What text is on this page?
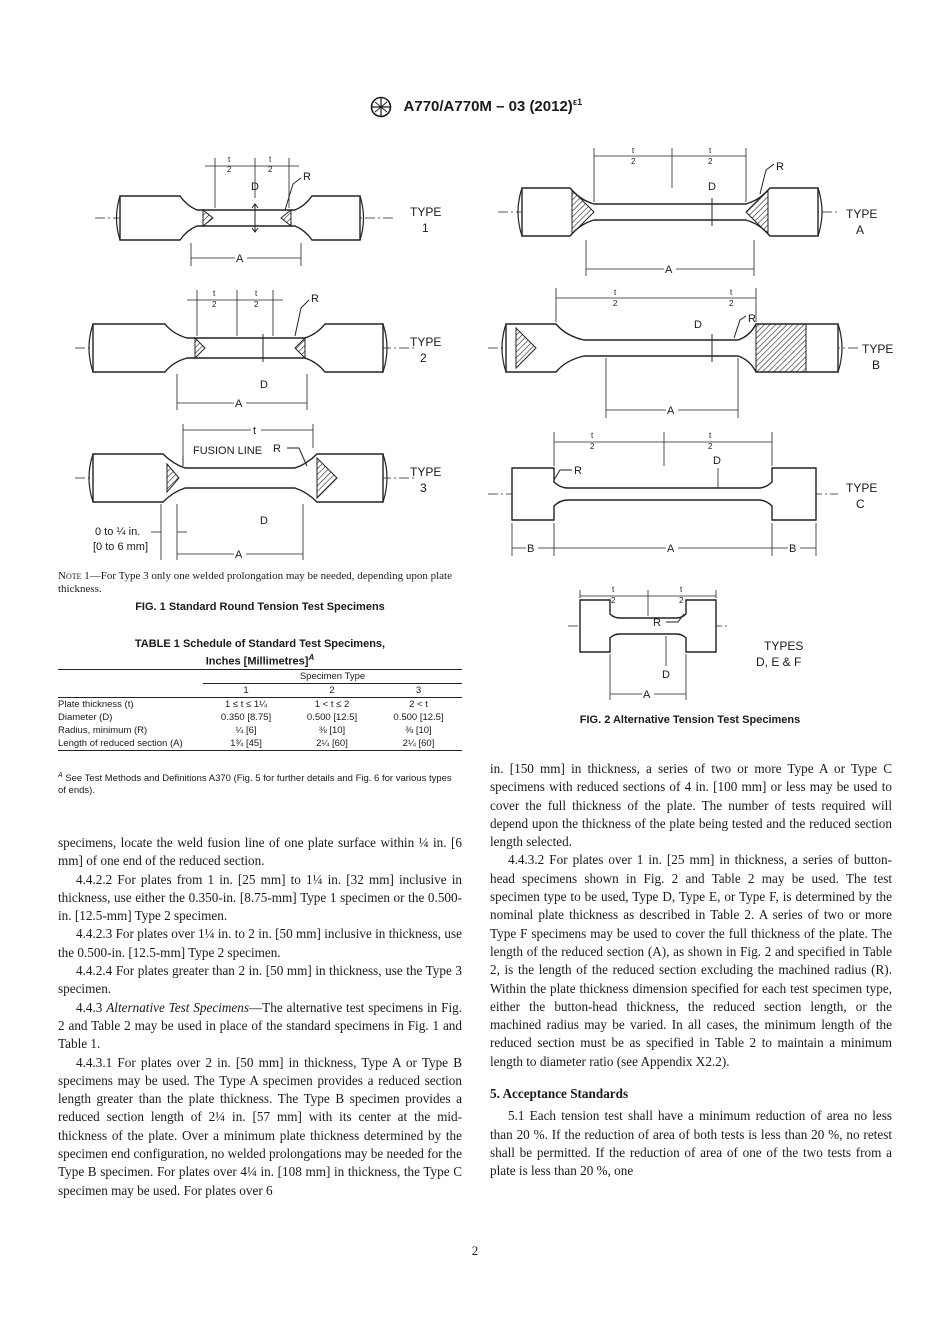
A770/A770M – 03 $(2012)^{\varepsilon 1}$
t
2
t
2
D
R
A
TYPE
1
t
2
t
2	R
D
A
TYPE
2
t
FUSION LINE R
D
A
0 to ¼ in.
[0 to 6 mm]
TYPE
3
Note 1—For Type 3 only one welded prolongation may be needed, depending upon plate thickness.
FIG. 1 Standard Round Tension Test Specimens
TABLE 1 Schedule of Standard Test Specimens,
Inches [Millimetres]$^A$
	Specimen Type		
	1	2	3
Plate thickness (t)	1 ≤ t ≤ 1¼	1 < t ≤ 2	2 < t
Diameter (D)	0.350 [8.75]	0.500 [12.5]	0.500 [12.5]
Radius, minimum (R)	¼ [6]	⅜ [10]	⅜ [10]
Length of reduced section (A)	1¾ [45]	2¼ [60]	2¼ [60]
$^A$ See Test Methods and Definitions A370 (Fig. 5 for further details and Fig. 6 for various types of ends).
t
2
t
2
D
R
A
TYPE
A
t
2
t
2
D	R
A
TYPE
B
t
2
t
2
D
R
B	A	B
TYPE
C
t
2
t
2
R
D
A
TYPES
D, E & F
FIG. 2 Alternative Tension Test Specimens

specimens, locate the weld fusion line of one plate surface within ¼ in. [6 mm] of one end of the reduced section.

4.4.2.2 For plates from 1 in. [25 mm] to 1¼ in. [32 mm] inclusive in thickness, use either the 0.350-in. [8.75-mm] Type 1 specimen or the 0.500-in. [12.5-mm] Type 2 specimen.

4.4.2.3 For plates over 1¼ in. to 2 in. [50 mm] inclusive in thickness, use the 0.500-in. [12.5-mm] Type 2 specimen.

4.4.2.4 For plates greater than 2 in. [50 mm] in thickness, use the Type 3 specimen.

4.4.3 Alternative Test Specimens—The alternative test specimens in Fig. 2 and Table 2 may be used in place of the standard specimens in Fig. 1 and Table 1.

4.4.3.1 For plates over 2 in. [50 mm] in thickness, Type A or Type B specimens may be used. The Type A specimen provides a reduced section length greater than the plate thickness. The Type B specimen provides a reduced section length of 2¼ in. [57 mm] with its center at the mid-thickness of the plate. Over a minimum plate thickness determined by the specimen end configuration, no welded prolongations may be needed for the Type B specimen. For plates over 4¼ in. [108 mm] in thickness, the Type C specimen may be used. For plates over 6

in. [150 mm] in thickness, a series of two or more Type A or Type C specimens with reduced sections of 4 in. [100 mm] or less may be used to cover the full thickness of the plate. The number of tests required will depend upon the thickness of the plate being tested and the reduced section length selected.

4.4.3.2 For plates over 1 in. [25 mm] in thickness, a series of button-head specimens shown in Fig. 2 and Table 2 may be used. The test specimen type to be used, Type D, Type E, or Type F, is determined by the nominal plate thickness as described in Table 2. A series of two or more Type F specimens may be used to cover the full thickness of the plate. The length of the reduced section (A), as shown in Fig. 2 and specified in Table 2, is the length of the reduced section excluding the machined radius (R). Within the plate thickness dimension specified for each test specimen type, either the button-head thickness, the reduced section length, or the machined radius may be varied. In all cases, the minimum length of the reduced section must be as specified in Table 2 to maintain a minimum length to diameter ratio (see Appendix X2.2).

5. Acceptance Standards

5.1 Each tension test shall have a minimum reduction of area no less than 20 %. If the reduction of area of both tests is less than 20 %, no retest shall be permitted. If the reduction of area of one of the two tests from a plate is less than 20 %, one

2
